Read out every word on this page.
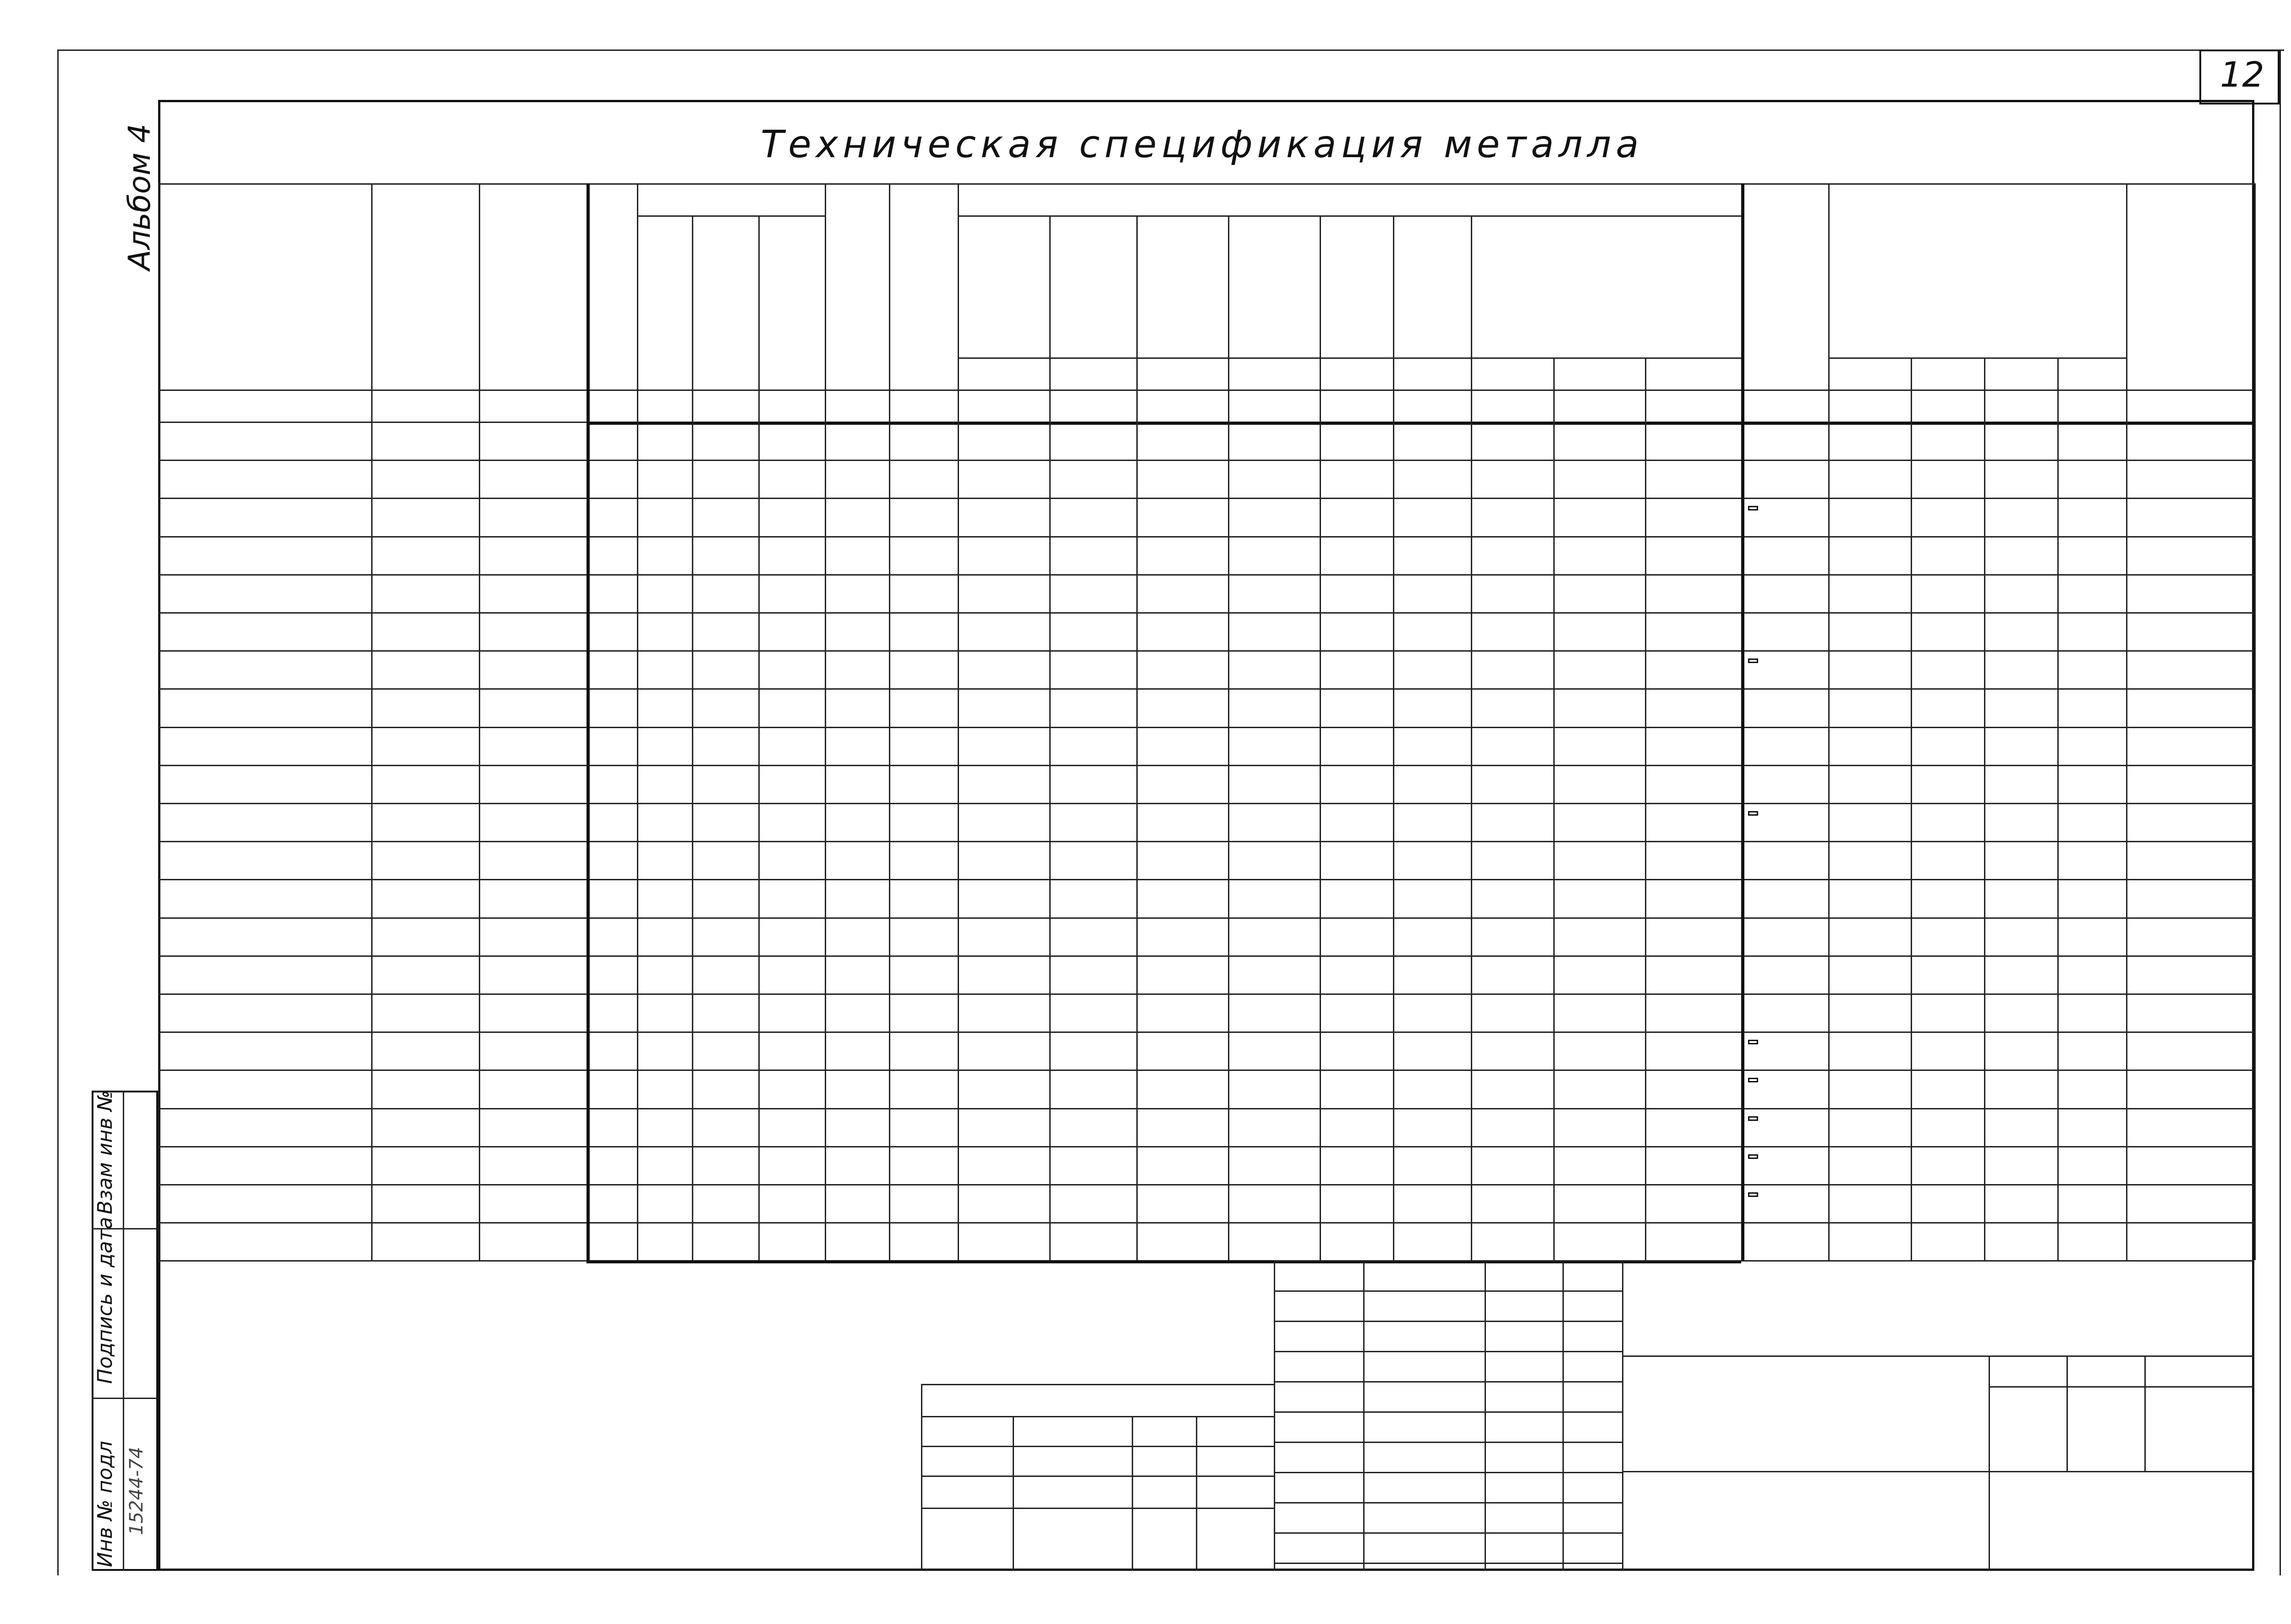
12
Альбом 4	Техническая спецификация металла
Взам инв №
Подпись и дата
Инв № подл 15244-74
